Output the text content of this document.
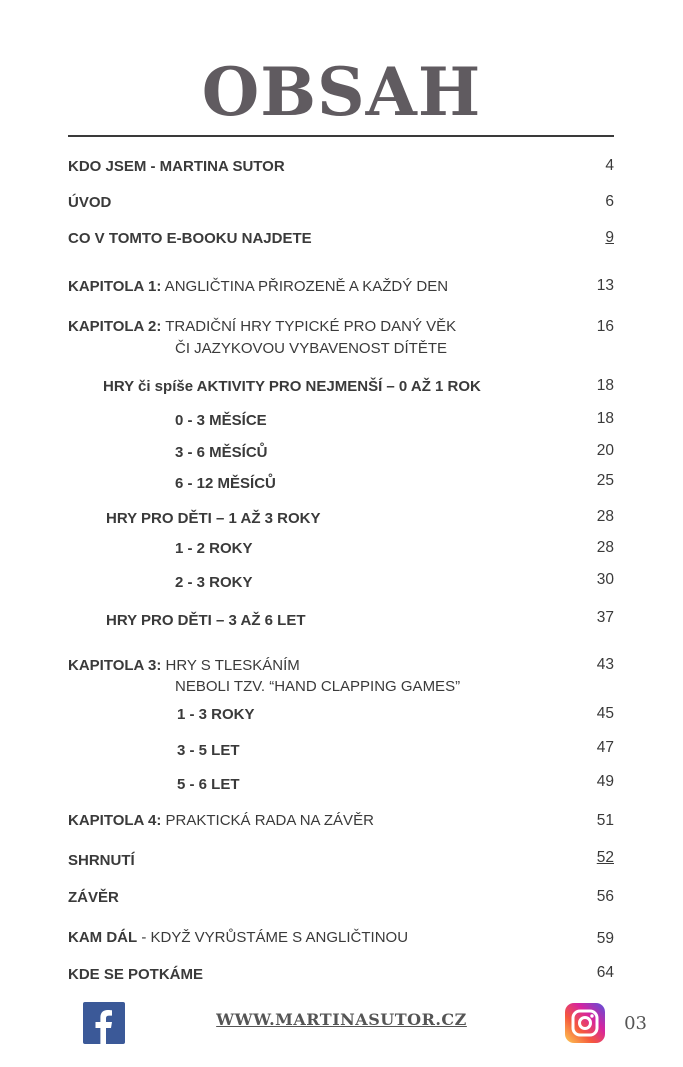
OBSAH
KDO JSEM - MARTINA SUTOR	4
ÚVOD	6
CO V TOMTO E-BOOKU NAJDETE	9
KAPITOLA 1: ANGLIČTINA PŘIROZENĚ A KAŽDÝ DEN	13
KAPITOLA 2: TRADIČNÍ HRY TYPICKÉ PRO DANÝ VĚK	16
ČI JAZYKOVOU VYBAVENOST DÍTĚTE
HRY či spíše AKTIVITY PRO NEJMENŠÍ – 0 AŽ 1 ROK	18
0 - 3 MĚSÍCE	18
3 - 6 MĚSÍCŮ	20
6 - 12 MĚSÍCŮ	25
HRY PRO DĚTI – 1 AŽ 3 ROKY	28
1 - 2 ROKY	28
2 - 3 ROKY	30
HRY PRO DĚTI – 3 AŽ 6 LET	37
KAPITOLA 3: HRY S TLESKÁNÍM	43
NEBOLI TZV. “HAND CLAPPING GAMES”
1 - 3 ROKY	45
3 - 5 LET	47
5 - 6 LET	49
KAPITOLA 4: PRAKTICKÁ RADA NA ZÁVĚR	51
SHRNUTÍ	52
ZÁVĚR	56
KAM DÁL - KDYŽ VYRŮSTÁME S ANGLIČTINOU	59
KDE SE POTKÁME	64
WWW.MARTINASUTOR.CZ	03
